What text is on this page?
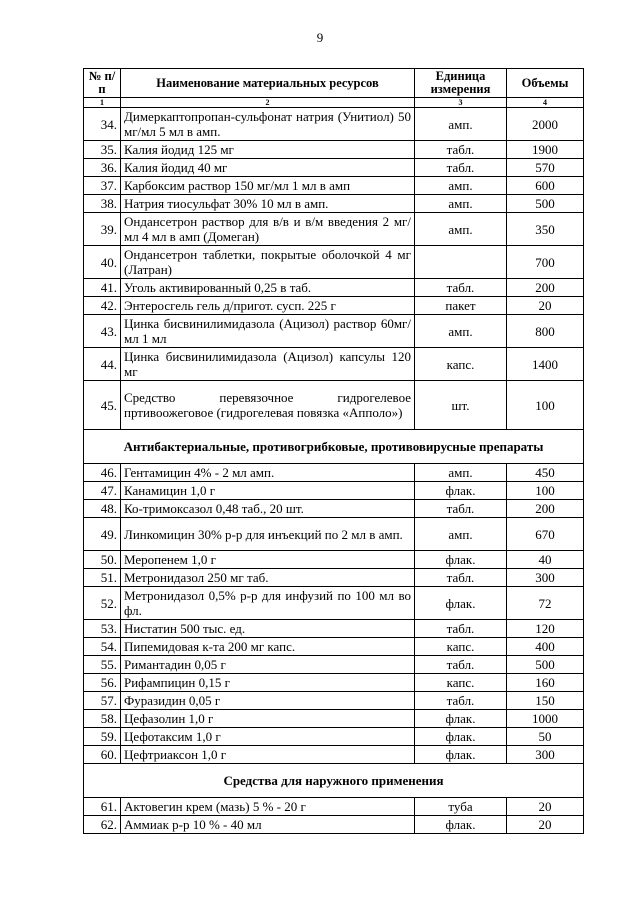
9
№ п/п	Наименование материальных ресурсов	Единица измерения	Объемы
1	2	3	4
34.	Димеркаптопропан-сульфонат натрия (Унитиол) 50 мг/мл 5 мл в амп.	амп.	2000
35.	Калия йодид 125 мг	табл.	1900
36.	Калия йодид 40 мг	табл.	570
37.	Карбоксим раствор 150 мг/мл 1 мл в амп	амп.	600
38.	Натрия тиосульфат 30% 10 мл в амп.	амп.	500
39.	Ондансетрон раствор для в/в и в/м введения 2 мг/мл 4 мл в амп (Домеган)	амп.	350
40.	Ондансетрон таблетки, покрытые оболочкой 4 мг (Латран)		700
41.	Уголь активированный 0,25 в таб.	табл.	200
42.	Энтеросгель гель д/пригот. сусп. 225 г	пакет	20
43.	Цинка бисвинилимидазола (Ацизол) раствор 60мг/мл 1 мл	амп.	800
44.	Цинка бисвинилимидазола (Ацизол) капсулы 120 мг	капс.	1400
45.	Средство перевязочное гидрогелевое пртивоожеговое (гидрогелевая повязка «Апполо»)	шт.	100
Антибактериальные, противогрибковые, противовирусные препараты			
46.	Гентамицин 4% - 2 мл амп.	амп.	450
47.	Канамицин 1,0 г	флак.	100
48.	Ко-тримоксазол 0,48 таб., 20 шт.	табл.	200
49.	Линкомицин 30% р-р для инъекций по 2 мл в амп.	амп.	670
50.	Меропенем 1,0 г	флак.	40
51.	Метронидазол 250 мг таб.	табл.	300
52.	Метронидазол 0,5% р-р для инфузий по 100 мл во фл.	флак.	72
53.	Нистатин 500 тыс. ед.	табл.	120
54.	Пипемидовая к-та 200 мг капс.	капс.	400
55.	Римантадин 0,05 г	табл.	500
56.	Рифампицин 0,15 г	капс.	160
57.	Фуразидин 0,05 г	табл.	150
58.	Цефазолин 1,0 г	флак.	1000
59.	Цефотаксим 1,0 г	флак.	50
60.	Цефтриаксон 1,0 г	флак.	300
Средства для наружного применения			
61.	Актовегин крем (мазь) 5 % - 20 г	туба	20
62.	Аммиак р-р 10 % - 40 мл	флак.	20
